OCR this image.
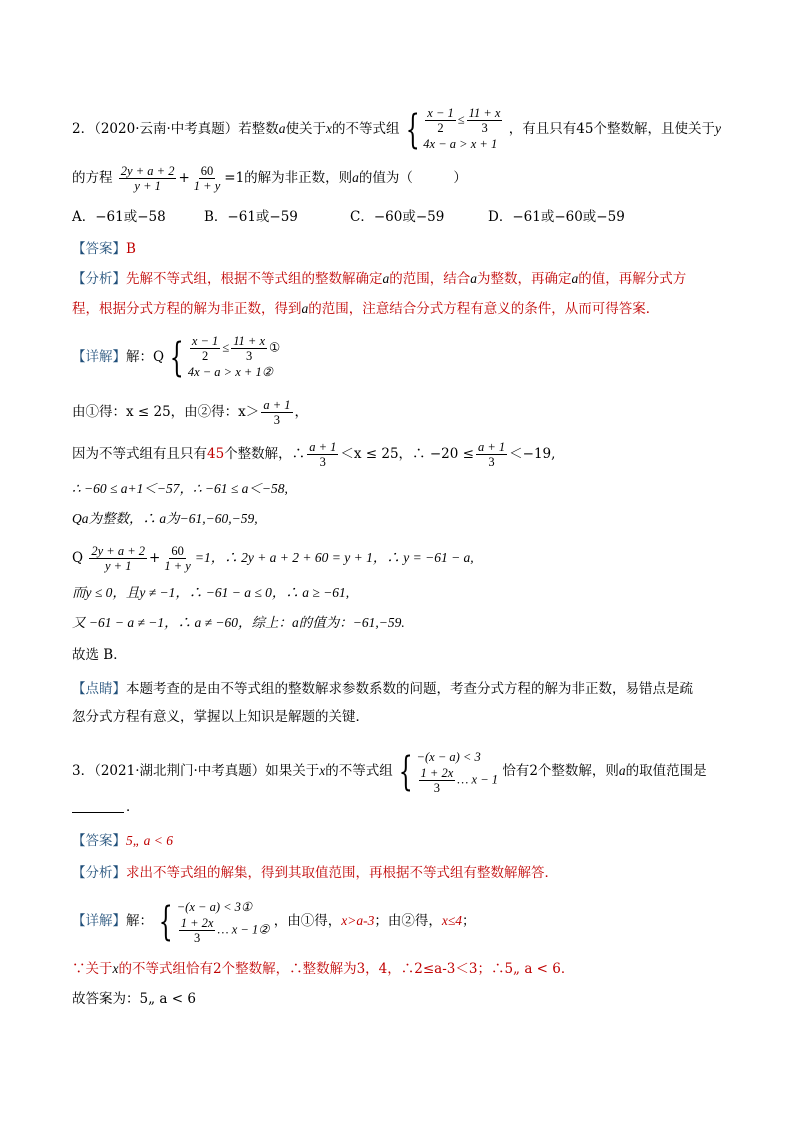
2．（2020·云南·中考真题）若整数a使关于x的不等式组 { $\frac{x - 1}{2} \le \frac{11 + x}{3}$
4x − a > x + 1
，有且只有45个整数解，且使关于y
的方程 $\frac{2y + a + 2}{y + 1} + \frac{60}{1 + y} =1$的解为非正数，则a的值为（　　　）
A．−61或−58	B．−61或−59	C．−60或−59	D．−61或−60或−59
【答案】B
【分析】先解不等式组，根据不等式组的整数解确定a的范围，结合a为整数，再确定a的值，再解分式方
程，根据分式方程的解为非正数，得到a的范围，注意结合分式方程有意义的条件，从而可得答案．
【详解】解：Q { $\frac{x - 1}{2} \le \frac{11 + x}{3}$ ①
4x − a > x + 1②
由①得：x ≤ 25，由②得：$x> \frac{a + 1}{3}$ ，
因为不等式组有且只有45个整数解，∴ $\frac{a + 1}{3} <x \le 25$，∴ $-20 \le \frac{a + 1}{3} <-19$,
∴ −60 ≤ a+1＜−57，∴ −61 ≤ a＜−58,
Qa为整数，∴ a为−61,−60,−59,
Q $\frac{2y + a + 2}{y + 1} + \frac{60}{1 + y} =1$，∴ 2y + a + 2 + 60 = y + 1，∴ y = −61 − a,
而y ≤ 0，且y ≠ −1，∴ −61 − a ≤ 0，∴ a ≥ −61,
又 −61 − a ≠ −1，∴ a ≠ −60，综上：a的值为：−61,−59.
故选 B．
【点睛】本题考查的是由不等式组的整数解求参数系数的问题，考查分式方程的解为非正数，易错点是疏
忽分式方程有意义，掌握以上知识是解题的关键．
3．（2021·湖北荆门·中考真题）如果关于x的不等式组 { −(x − a) < 3
$\frac{1 + 2x}{3}$ … x − 1
恰有2个整数解，则a的取值范围是
．
【答案】5„ a < 6
【分析】求出不等式组的解集，得到其取值范围，再根据不等式组有整数解解答．
【详解】解： { −(x − a) < 3①
$\frac{1 + 2x}{3}$ … x − 1②
，由①得，x>a-3；由②得，x≤4；
∵关于x的不等式组恰有2个整数解，∴整数解为3，4，∴2≤a-3＜3；∴5„ a < 6．
故答案为：5„ a < 6
